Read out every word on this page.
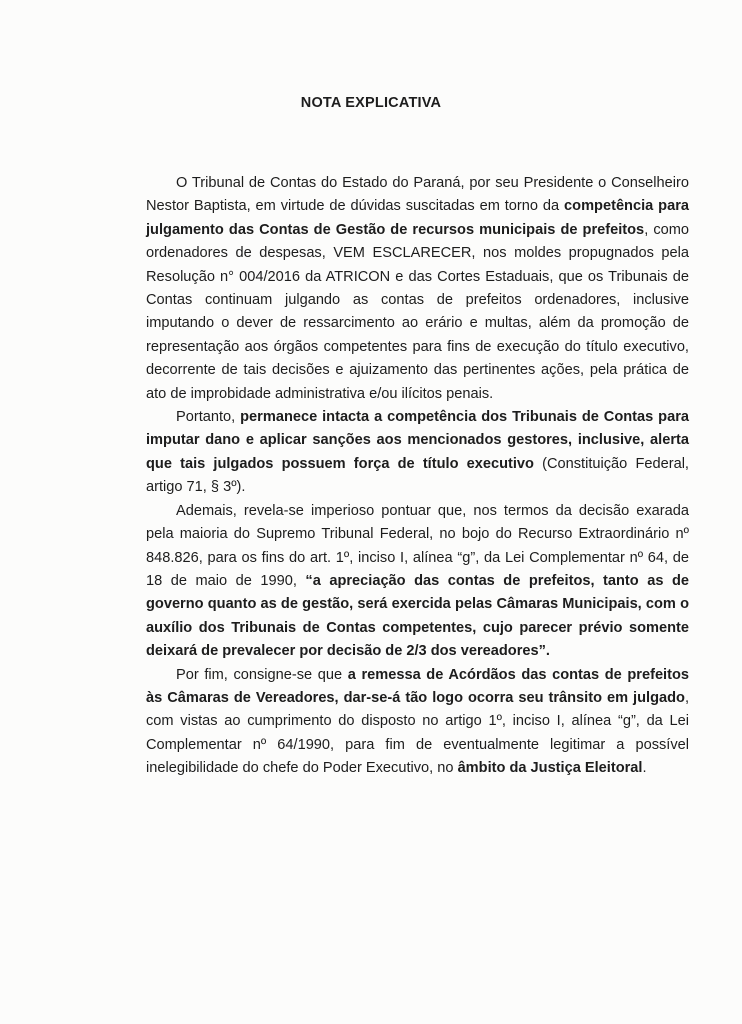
NOTA EXPLICATIVA

O Tribunal de Contas do Estado do Paraná, por seu Presidente o Conselheiro Nestor Baptista, em virtude de dúvidas suscitadas em torno da competência para julgamento das Contas de Gestão de recursos municipais de prefeitos, como ordenadores de despesas, VEM ESCLARECER, nos moldes propugnados pela Resolução n° 004/2016 da ATRICON e das Cortes Estaduais, que os Tribunais de Contas continuam julgando as contas de prefeitos ordenadores, inclusive imputando o dever de ressarcimento ao erário e multas, além da promoção de representação aos órgãos competentes para fins de execução do título executivo, decorrente de tais decisões e ajuizamento das pertinentes ações, pela prática de ato de improbidade administrativa e/ou ilícitos penais.

Portanto, permanece intacta a competência dos Tribunais de Contas para imputar dano e aplicar sanções aos mencionados gestores, inclusive, alerta que tais julgados possuem força de título executivo (Constituição Federal, artigo 71, § 3º).

Ademais, revela-se imperioso pontuar que, nos termos da decisão exarada pela maioria do Supremo Tribunal Federal, no bojo do Recurso Extraordinário nº 848.826, para os fins do art. 1º, inciso I, alínea “g”, da Lei Complementar nº 64, de 18 de maio de 1990, “a apreciação das contas de prefeitos, tanto as de governo quanto as de gestão, será exercida pelas Câmaras Municipais, com o auxílio dos Tribunais de Contas competentes, cujo parecer prévio somente deixará de prevalecer por decisão de 2/3 dos vereadores”.

Por fim, consigne-se que a remessa de Acórdãos das contas de prefeitos às Câmaras de Vereadores, dar-se-á tão logo ocorra seu trânsito em julgado, com vistas ao cumprimento do disposto no artigo 1º, inciso I, alínea “g”, da Lei Complementar nº 64/1990, para fim de eventualmente legitimar a possível inelegibilidade do chefe do Poder Executivo, no âmbito da Justiça Eleitoral.
